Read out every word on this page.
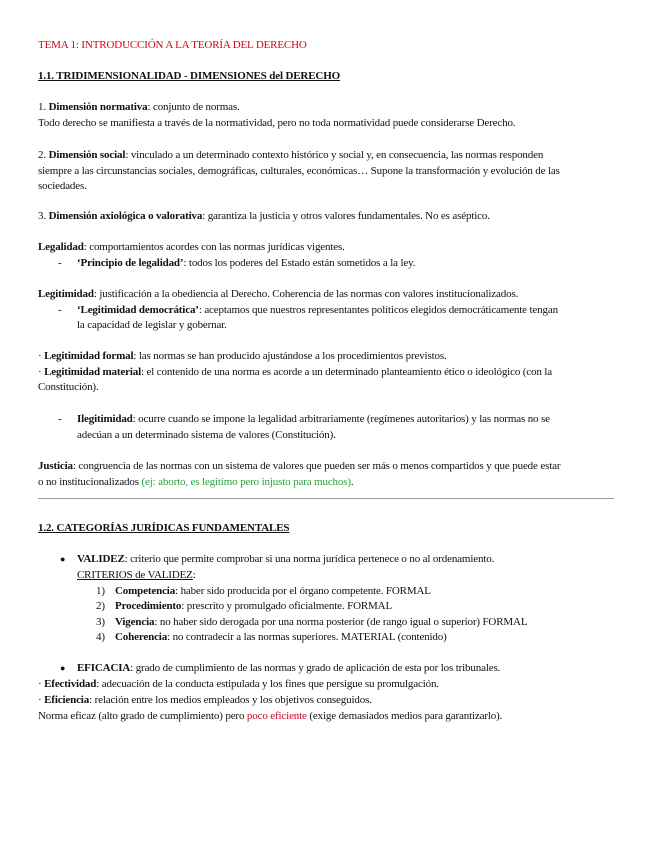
TEMA 1: INTRODUCCIÓN A LA TEORÍA DEL DERECHO
1.1. TRIDIMENSIONALIDAD - DIMENSIONES del DERECHO
1. Dimensión normativa: conjunto de normas.
Todo derecho se manifiesta a través de la normatividad, pero no toda normatividad puede considerarse Derecho.
2. Dimensión social: vinculado a un determinado contexto histórico y social y, en consecuencia, las normas responden
siempre a las circunstancias sociales, demográficas, culturales, económicas… Supone la transformación y evolución de las
sociedades.
3. Dimensión axiológica o valorativa: garantiza la justicia y otros valores fundamentales. No es aséptico.
Legalidad: comportamientos acordes con las normas jurídicas vigentes.
- ‘Principio de legalidad’: todos los poderes del Estado están sometidos a la ley.
Legitimidad: justificación a la obediencia al Derecho. Coherencia de las normas con valores institucionalizados.
- ‘Legitimidad democrática’: aceptamos que nuestros representantes políticos elegidos democráticamente tengan
la capacidad de legislar y gobernar.
· Legitimidad formal: las normas se han producido ajustándose a los procedimientos previstos.
· Legitimidad material: el contenido de una norma es acorde a un determinado planteamiento ético o ideológico (con la
Constitución).
- Ilegitimidad: ocurre cuando se impone la legalidad arbitrariamente (regímenes autoritarios) y las normas no se
adecúan a un determinado sistema de valores (Constitución).
Justicia: congruencia de las normas con un sistema de valores que pueden ser más o menos compartidos y que puede estar
o no institucionalizados (ej: aborto, es legítimo pero injusto para muchos).
1.2. CATEGORÍAS JURÍDICAS FUNDAMENTALES
● VALIDEZ: criterio que permite comprobar si una norma jurídica pertenece o no al ordenamiento.
CRITERIOS de VALIDEZ:
1) Competencia: haber sido producida por el órgano competente. FORMAL
2) Procedimiento: prescrito y promulgado oficialmente. FORMAL
3) Vigencia: no haber sido derogada por una norma posterior (de rango igual o superior) FORMAL
4) Coherencia: no contradecir a las normas superiores. MATERIAL (contenido)
● EFICACIA: grado de cumplimiento de las normas y grado de aplicación de esta por los tribunales.
· Efectividad: adecuación de la conducta estipulada y los fines que persigue su promulgación.
· Eficiencia: relación entre los medios empleados y los objetivos conseguidos.
Norma eficaz (alto grado de cumplimiento) pero poco eficiente (exige demasiados medios para garantizarlo).
